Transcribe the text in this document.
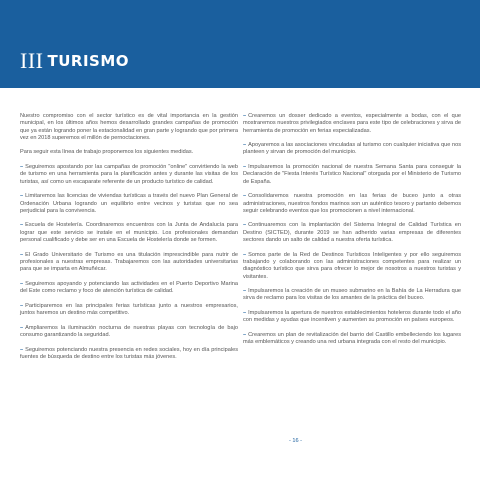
III TURISMO

Nuestro compromiso con el sector turístico es de vital importancia en la gestión municipal, en los últimos años hemos desarrollado grandes campañas de promoción que ya están logrando poner la estacionalidad en gran parte y logrando que por primera vez en 2018 superemos el millón de pernoctaciones.

Para seguir esta línea de trabajo proponemos los siguientes medidas.

– Seguiremos apostando por las campañas de promoción "online" convirtiendo la web de turismo en una herramienta para la planificación antes y durante las visitas de los turistas, así como un escaparate referente de un producto turístico de calidad.

– Limitaremos las licencias de viviendas turísticas a través del nuevo Plan General de Ordenación Urbana logrando un equilibrio entre vecinos y turistas que no sea perjudicial para la convivencia.

– Escuela de Hostelería. Coordinaremos encuentros con la Junta de Andalucía para lograr que este servicio se instale en el municipio. Los profesionales demandan personal cualificado y debe ser en una Escuela de Hostelería donde se formen.

– El Grado Universitario de Turismo es una titulación imprescindible para nutrir de profesionales a nuestras empresas. Trabajaremos con las autoridades universitarias para que se imparta en Almuñécar.

– Seguiremos apoyando y potenciando las actividades en el Puerto Deportivo Marina del Este como reclamo y foco de atención turística de calidad.

– Participaremos en las principales ferias turísticas junto a nuestros empresarios, juntos haremos un destino más competitivo.

– Ampliaremos la iluminación nocturna de nuestras playas con tecnología de bajo consumo garantizando la seguridad.

– Seguiremos potenciando nuestra presencia en redes sociales, hoy en día principales fuentes de búsqueda de destino entre los turistas más jóvenes.

– Crearemos un dosser dedicado a eventos, especialmente a bodas, con el que mostraremos nuestros privilegiados enclaves para este tipo de celebraciones y sirva de herramienta de promoción en ferias especializadas.

– Apoyaremos a las asociaciones vinculadas al turismo con cualquier iniciativa que nos planteen y sirvan de promoción del municipio.

– Impulsaremos la promoción nacional de nuestra Semana Santa para conseguir la Declaración de "Fiesta Interés Turístico Nacional" otorgada por el Ministerio de Turismo de España.

– Consolidaremos nuestra promoción en las ferias de buceo junto a otras administraciones, nuestros fondos marinos son un auténtico tesoro y partanto debemos seguir celebrando eventos que los promocionen a nivel internacional.

– Continuaremos con la implantación del Sistema Integral de Calidad Turística en Destino (SICTED), durante 2019 se han adherido varias empresas de diferentes sectores dando un salto de calidad a nuestra oferta turística.

– Somos parte de la Red de Destinos Turísticos Inteligentes y por ello seguiremos trabajando y colaborando con las administraciones competentes para realizar un diagnóstico turístico que sirva para ofrecer lo mejor de nosotros a nuestros turistas y visitantes.

– Impulsaremos la creación de un museo submarino en la Bahía de La Herradura que sirva de reclamo para los visitas de los amantes de la práctica del buceo.

– Impulsaremos la apertura de nuestros establecimientos hoteleros durante todo el año con medidas y ayudas que incentiven y aumenten su promoción en países europeos.

– Crearemos un plan de revitalización del barrio del Castillo embelleciendo los lugares más emblemáticos y creando una red urbana integrada con el resto del municipio.

- 16 -
